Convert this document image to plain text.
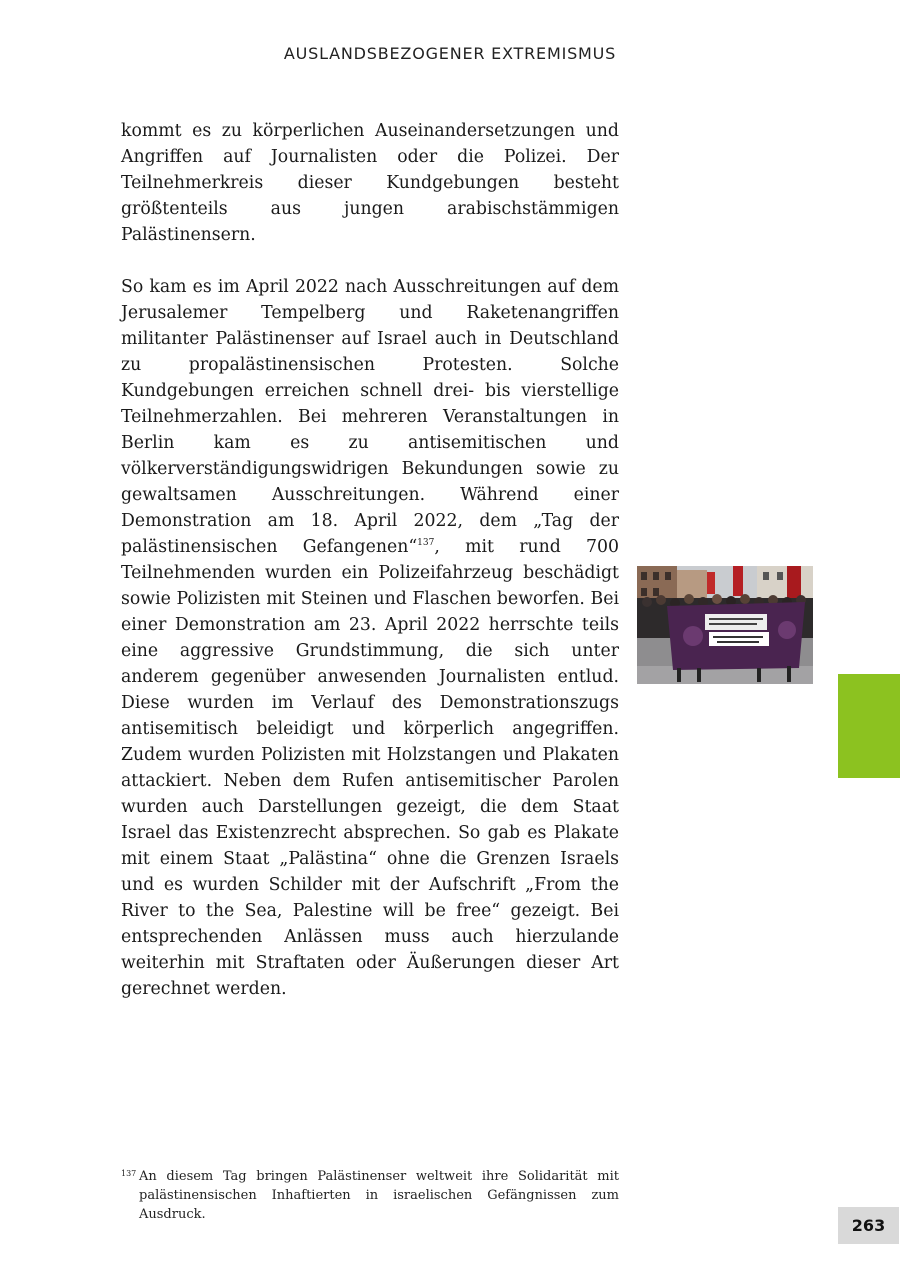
AUSLANDSBEZOGENER EXTREMISMUS

kommt es zu körperlichen Auseinandersetzungen und Angriffen auf Journalisten oder die Polizei. Der Teilnehmerkreis dieser Kundgebungen besteht größtenteils aus jungen arabischstämmigen Palästinensern.

So kam es im April 2022 nach Ausschreitungen auf dem Jerusalemer Tempelberg und Raketenangriffen militanter Palästinenser auf Israel auch in Deutschland zu propalästinensischen Protesten. Solche Kundgebungen erreichen schnell drei- bis vierstellige Teilnehmerzahlen. Bei mehreren Veranstaltungen in Berlin kam es zu antisemitischen und völkerverständigungswidrigen Bekundungen sowie zu gewaltsamen Ausschreitungen. Während einer Demonstration am 18. April 2022, dem „Tag der palästinensischen Gefangenen“$^{137}$, mit rund 700 Teilnehmenden wurden ein Polizeifahrzeug beschädigt sowie Polizisten mit Steinen und Flaschen beworfen. Bei einer Demonstration am 23. April 2022 herrschte teils eine aggressive Grundstimmung, die sich unter anderem gegenüber anwesenden Journalisten entlud. Diese wurden im Verlauf des Demonstrationszugs antisemitisch beleidigt und körperlich angegriffen. Zudem wurden Polizisten mit Holzstangen und Plakaten attackiert. Neben dem Rufen antisemitischer Parolen wurden auch Darstellungen gezeigt, die dem Staat Israel das Existenzrecht absprechen. So gab es Plakate mit einem Staat „Palästina“ ohne die Grenzen Israels und es wurden Schilder mit der Aufschrift „From the River to the Sea, Palestine will be free“ gezeigt. Bei entsprechenden Anlässen muss auch hierzulande weiterhin mit Straftaten oder Äußerungen dieser Art gerechnet werden.

137 An diesem Tag bringen Palästinenser weltweit ihre Solidarität mit palästinensischen Inhaftierten in israelischen Gefängnissen zum Ausdruck.
263
